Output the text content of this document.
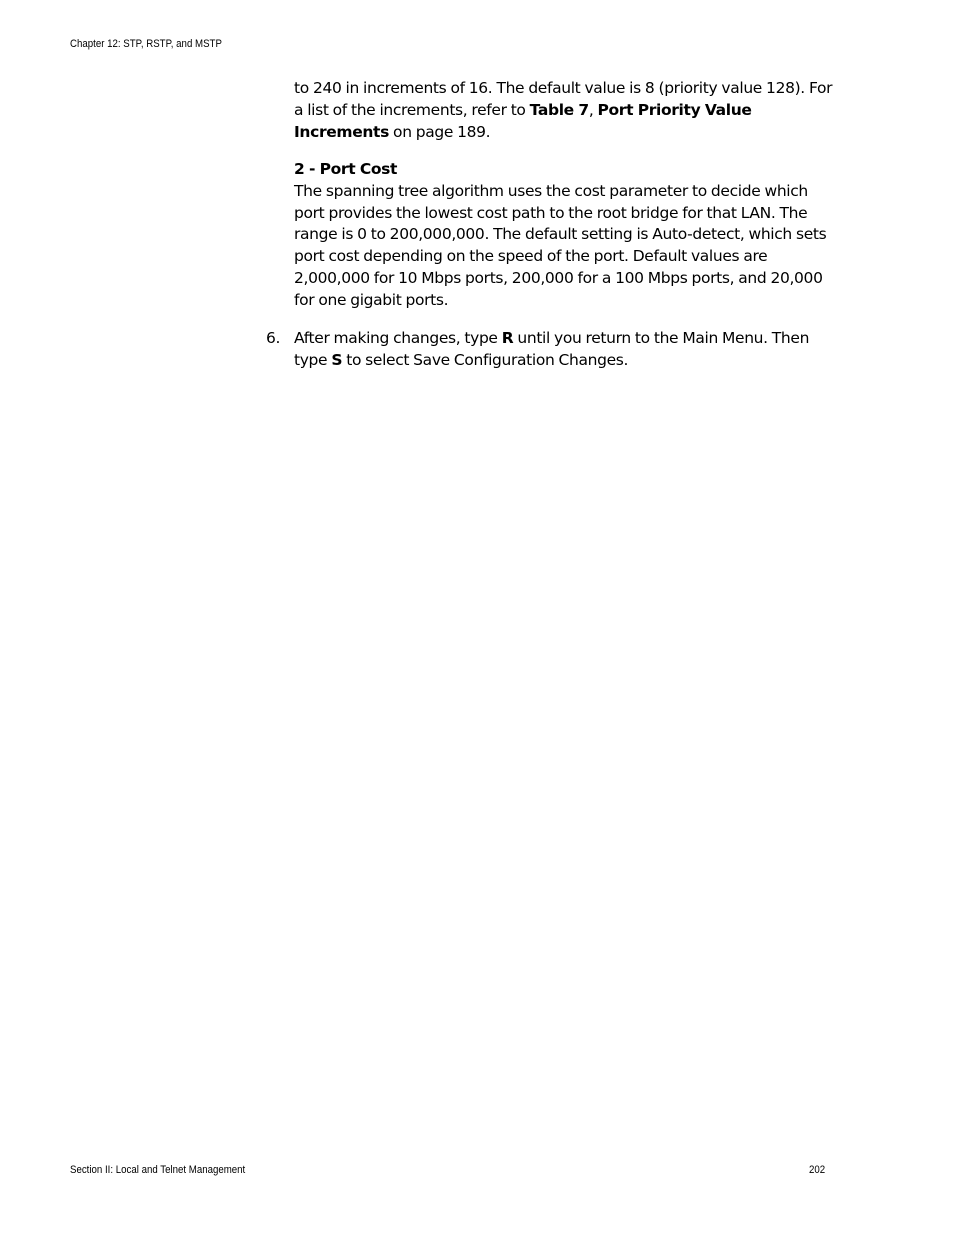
Chapter 12: STP, RSTP, and MSTP
to 240 in increments of 16. The default value is 8 (priority value 128). For a list of the increments, refer to Table 7, Port Priority Value Increments on page 189.
2 - Port Cost
The spanning tree algorithm uses the cost parameter to decide which port provides the lowest cost path to the root bridge for that LAN. The range is 0 to 200,000,000. The default setting is Auto-detect, which sets port cost depending on the speed of the port. Default values are 2,000,000 for 10 Mbps ports, 200,000 for a 100 Mbps ports, and 20,000 for one gigabit ports.
6. After making changes, type R until you return to the Main Menu. Then type S to select Save Configuration Changes.
Section II: Local and Telnet Management	202
